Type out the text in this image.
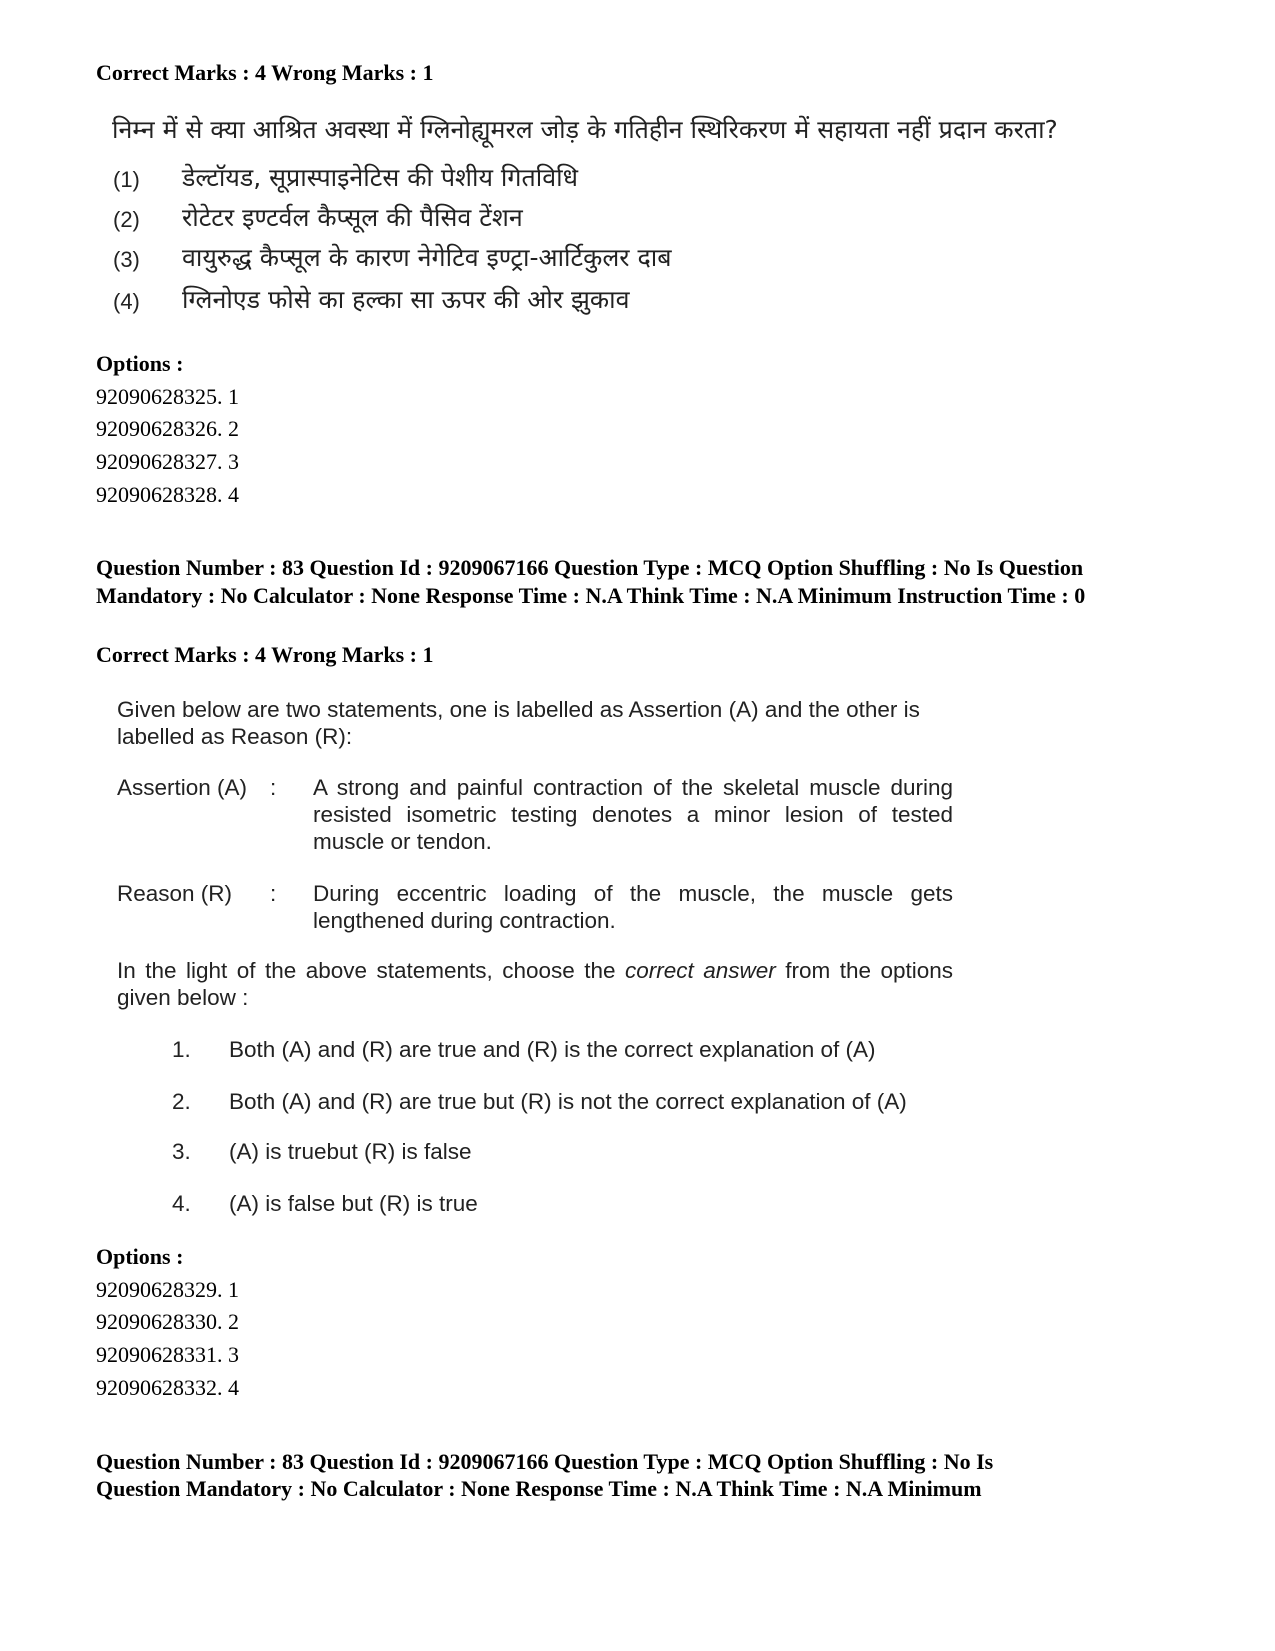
Correct Marks : 4 Wrong Marks : 1
निम्न में से क्या आश्रित अवस्था में ग्लिनोह्यूमरल जोड़ के गतिहीन स्थिरिकरण में सहायता नहीं प्रदान करता?
(1) डेल्टॉयड, सूप्रास्पाइनेटिस की पेशीय गितविधि
(2) रोटेटर इण्टर्वल कैप्सूल की पैसिव टेंशन
(3) वायुरुद्ध कैप्सूल के कारण नेगेटिव इण्ट्रा-आर्टिकुलर दाब
(4) ग्लिनोएड फोसे का हल्का सा ऊपर की ओर झुकाव
Options :
92090628325. 1
92090628326. 2
92090628327. 3
92090628328. 4
Question Number : 83 Question Id : 9209067166 Question Type : MCQ Option Shuffling : No Is Question Mandatory : No Calculator : None Response Time : N.A Think Time : N.A Minimum Instruction Time : 0
Correct Marks : 4 Wrong Marks : 1
Given below are two statements, one is labelled as Assertion (A) and the other is labelled as Reason (R):
Assertion (A) : A strong and painful contraction of the skeletal muscle during resisted isometric testing denotes a minor lesion of tested muscle or tendon.
Reason (R) : During eccentric loading of the muscle, the muscle gets lengthened during contraction.
In the light of the above statements, choose the correct answer from the options given below :
1. Both (A) and (R) are true and (R) is the correct explanation of (A)
2. Both (A) and (R) are true but (R) is not the correct explanation of (A)
3. (A) is truebut (R) is false
4. (A) is false but (R) is true
Options :
92090628329. 1
92090628330. 2
92090628331. 3
92090628332. 4
Question Number : 83 Question Id : 9209067166 Question Type : MCQ Option Shuffling : No Is
Question Mandatory : No Calculator : None Response Time : N.A Think Time : N.A Minimum
